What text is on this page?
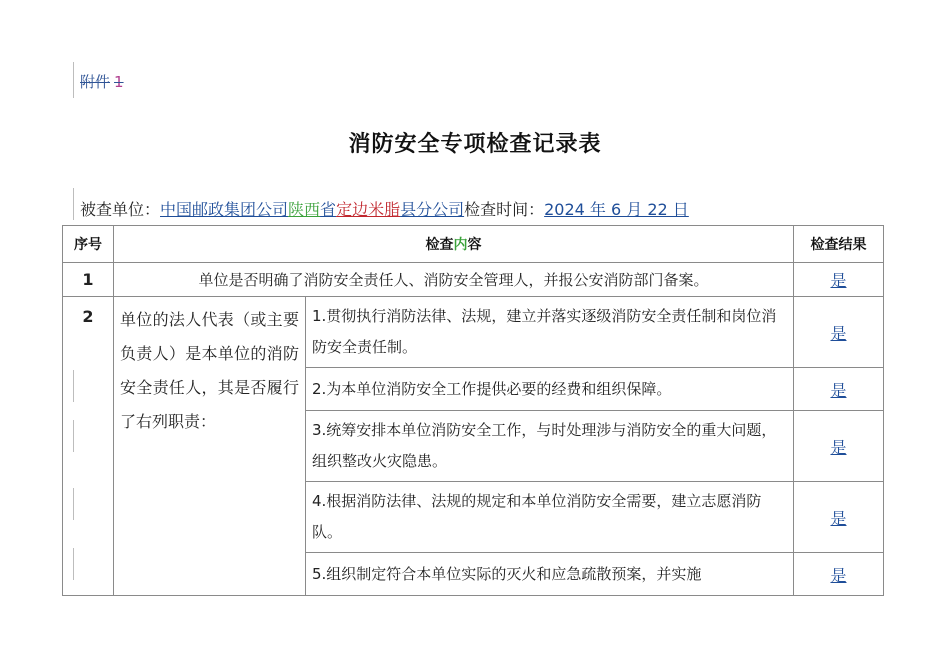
附件 1
消防安全专项检查记录表
被查单位：中国邮政集团公司陕西省定边米脂县分公司检查时间：2024 年 6 月 22 日
序号	检查内容		检查结果
1	单位是否明确了消防安全责任人、消防安全管理人，并报公安消防部门备案。		是
2	单位的法人代表（或主要负责人）是本单位的消防安全责任人，其是否履行了右列职责：	1.贯彻执行消防法律、法规，建立并落实逐级消防安全责任制和岗位消防安全责任制。	是
		2.为本单位消防安全工作提供必要的经费和组织保障。	是
		3.统筹安排本单位消防安全工作，与时处理涉与消防安全的重大问题，组织整改火灾隐患。	是
		4.根据消防法律、法规的规定和本单位消防安全需要，建立志愿消防队。	是
		5.组织制定符合本单位实际的灭火和应急疏散预案，并实施	是
